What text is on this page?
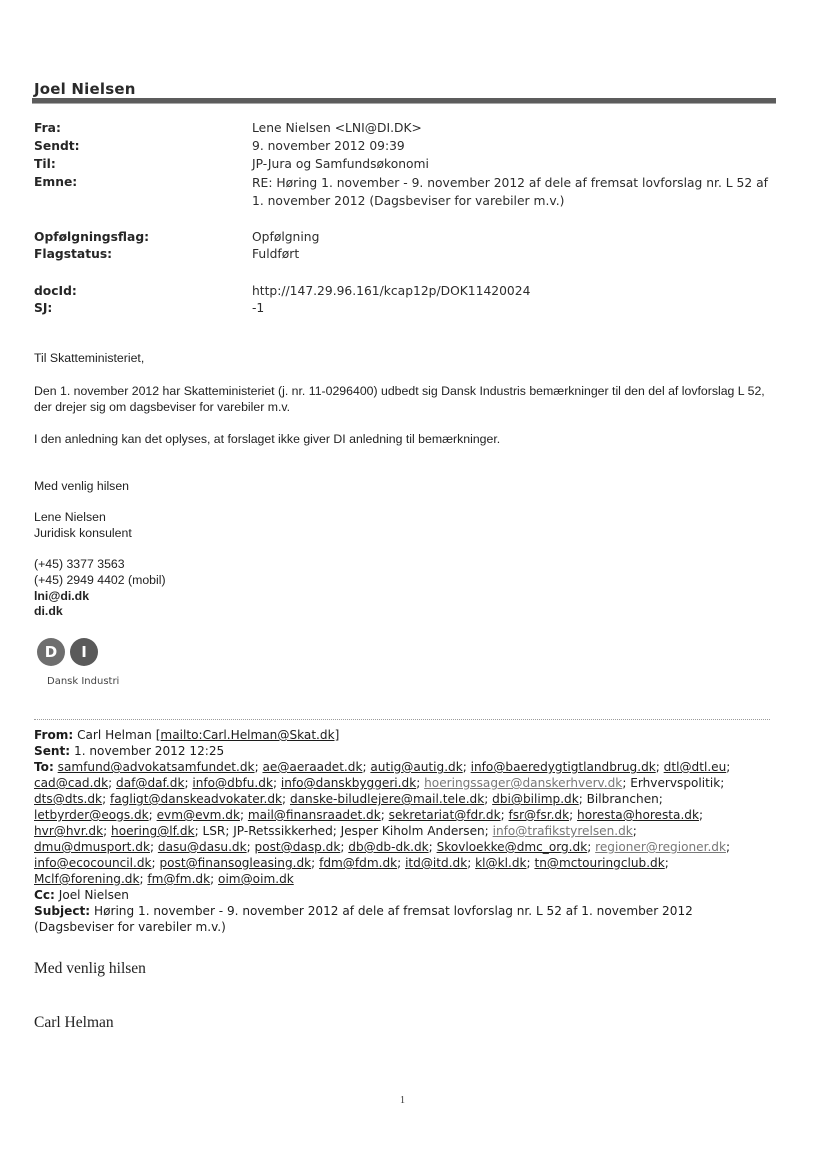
Joel Nielsen
Fra:	Lene Nielsen <LNI@DI.DK>
Sendt:	9. november 2012 09:39
Til:	JP-Jura og Samfundsøkonomi
Emne:	RE: Høring 1. november - 9. november 2012 af dele af fremsat lovforslag nr. L 52 af 1. november 2012 (Dagsbeviser for varebiler m.v.)
Opfølgningsflag:	Opfølgning
Flagstatus:	Fuldført
docId:	http://147.29.96.161/kcap12p/DOK11420024
SJ:	-1
Til Skatteministeriet,
Den 1. november 2012 har Skatteministeriet (j. nr. 11-0296400) udbedt sig Dansk Industris bemærkninger til den del af lovforslag L 52, der drejer sig om dagsbeviser for varebiler m.v.
I den anledning kan det oplyses, at forslaget ikke giver DI anledning til bemærkninger.
Med venlig hilsen
Lene Nielsen
Juridisk konsulent
(+45) 3377 3563
(+45) 2949 4402 (mobil)
lni@di.dk
di.dk
D	I
Dansk Industri
From: Carl Helman [mailto:Carl.Helman@Skat.dk]
Sent: 1. november 2012 12:25
To: samfund@advokatsamfundet.dk; ae@aeraadet.dk; autig@autig.dk; info@baeredygtigtlandbrug.dk; dtl@dtl.eu;
cad@cad.dk; daf@daf.dk; info@dbfu.dk; info@danskbyggeri.dk; hoeringssager@danskerhverv.dk; Erhvervspolitik;
dts@dts.dk; fagligt@danskeadvokater.dk; danske-biludlejere@mail.tele.dk; dbi@bilimp.dk; Bilbranchen;
letbyrder@eogs.dk; evm@evm.dk; mail@finansraadet.dk; sekretariat@fdr.dk; fsr@fsr.dk; horesta@horesta.dk;
hvr@hvr.dk; hoering@lf.dk; LSR; JP-Retssikkerhed; Jesper Kiholm Andersen; info@trafikstyrelsen.dk;
dmu@dmusport.dk; dasu@dasu.dk; post@dasp.dk; db@db-dk.dk; Skovloekke@dmc_org.dk; regioner@regioner.dk;
info@ecocouncil.dk; post@finansogleasing.dk; fdm@fdm.dk; itd@itd.dk; kl@kl.dk; tn@mctouringclub.dk;
Mclf@forening.dk; fm@fm.dk; oim@oim.dk
Cc: Joel Nielsen
Subject: Høring 1. november - 9. november 2012 af dele af fremsat lovforslag nr. L 52 af 1. november 2012
(Dagsbeviser for varebiler m.v.)
Med venlig hilsen
Carl Helman
1
